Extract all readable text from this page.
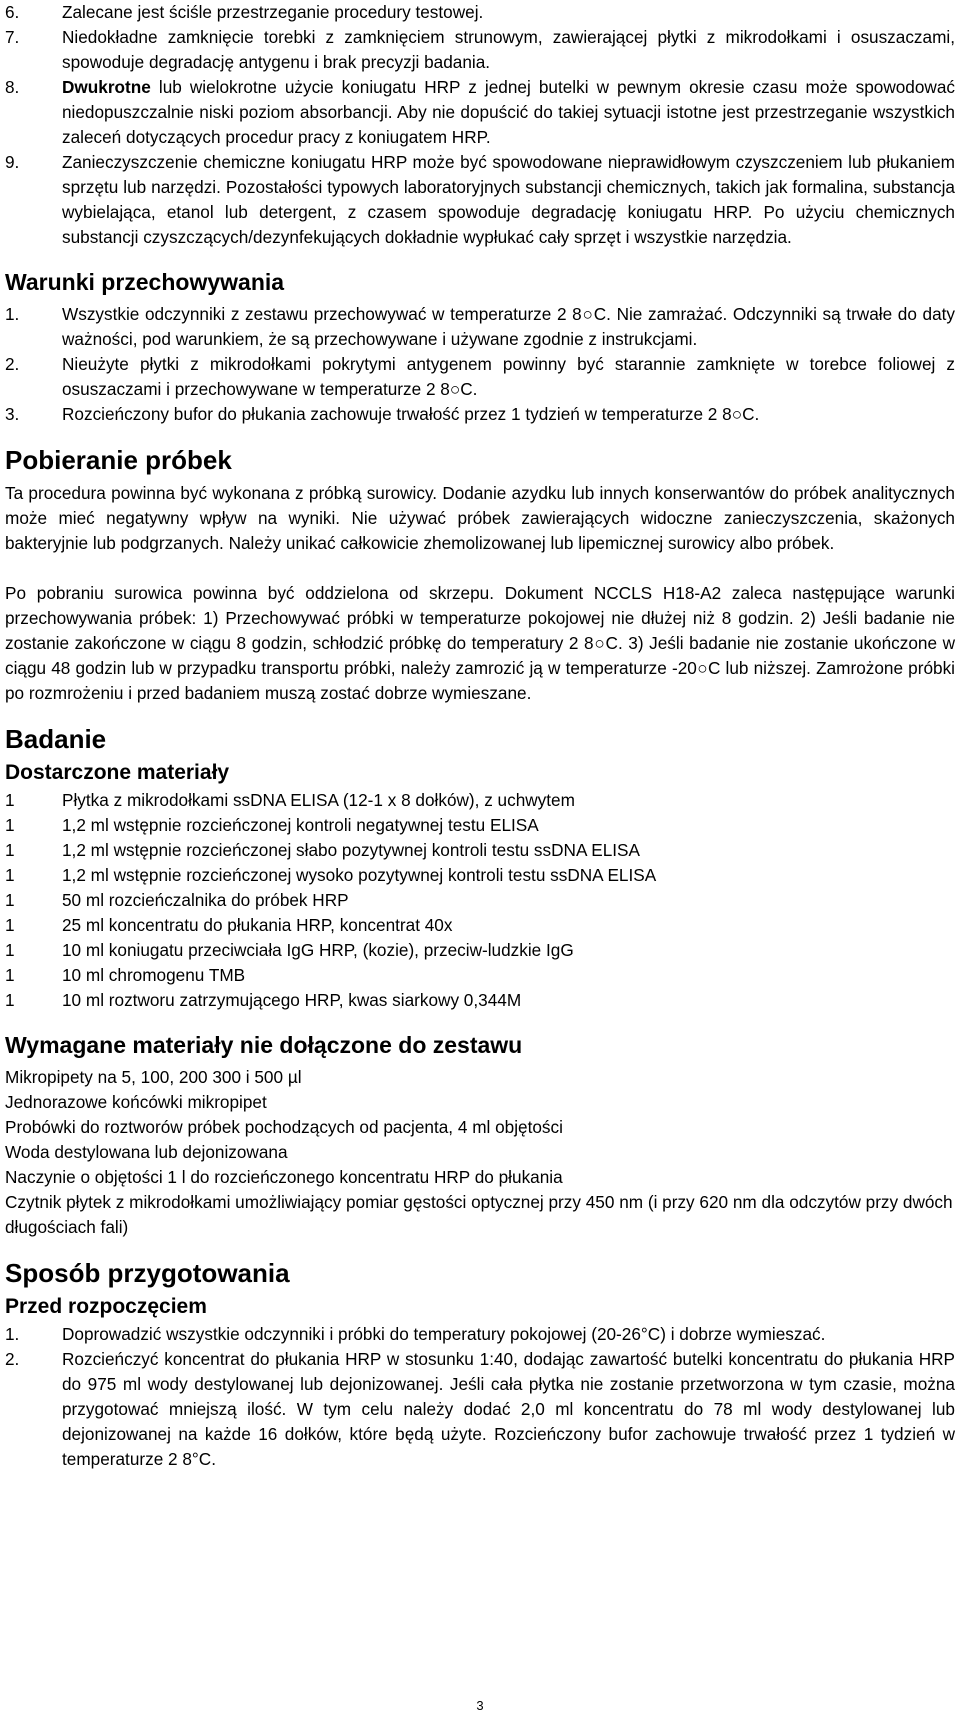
6. Zalecane jest ściśle przestrzeganie procedury testowej.
7. Niedokładne zamknięcie torebki z zamknięciem strunowym, zawierającej płytki z mikrodołkami i osuszaczami, spowoduje degradację antygenu i brak precyzji badania.
8. Dwukrotne lub wielokrotne użycie koniugatu HRP z jednej butelki w pewnym okresie czasu może spowodować niedopuszczalnie niski poziom absorbancji. Aby nie dopuścić do takiej sytuacji istotne jest przestrzeganie wszystkich zaleceń dotyczących procedur pracy z koniugatem HRP.
9. Zanieczyszczenie chemiczne koniugatu HRP może być spowodowane nieprawidłowym czyszczeniem lub płukaniem sprzętu lub narzędzi. Pozostałości typowych laboratoryjnych substancji chemicznych, takich jak formalina, substancja wybielająca, etanol lub detergent, z czasem spowoduje degradację koniugatu HRP. Po użyciu chemicznych substancji czyszczących/dezynfekujących dokładnie wypłukać cały sprzęt i wszystkie narzędzia.
Warunki przechowywania
1. Wszystkie odczynniki z zestawu przechowywać w temperaturze 2 8○C. Nie zamrażać. Odczynniki są trwałe do daty ważności, pod warunkiem, że są przechowywane i używane zgodnie z instrukcjami.
2. Nieużyte płytki z mikrodołkami pokrytymi antygenem powinny być starannie zamknięte w torebce foliowej z osuszaczami i przechowywane w temperaturze 2 8○C.
3. Rozcieńczony bufor do płukania zachowuje trwałość przez 1 tydzień w temperaturze 2 8○C.
Pobieranie próbek

Ta procedura powinna być wykonana z próbką surowicy. Dodanie azydku lub innych konserwantów do próbek analitycznych może mieć negatywny wpływ na wyniki. Nie używać próbek zawierających widoczne zanieczyszczenia, skażonych bakteryjnie lub podgrzanych. Należy unikać całkowicie zhemolizowanej lub lipemicznej surowicy albo próbek.

Po pobraniu surowica powinna być oddzielona od skrzepu. Dokument NCCLS H18-A2 zaleca następujące warunki przechowywania próbek: 1) Przechowywać próbki w temperaturze pokojowej nie dłużej niż 8 godzin. 2) Jeśli badanie nie zostanie zakończone w ciągu 8 godzin, schłodzić próbkę do temperatury 2 8○C. 3) Jeśli badanie nie zostanie ukończone w ciągu 48 godzin lub w przypadku transportu próbki, należy zamrozić ją w temperaturze -20○C lub niższej. Zamrożone próbki po rozmrożeniu i przed badaniem muszą zostać dobrze wymieszane.

Badanie
Dostarczone materiały
1	Płytka z mikrodołkami ssDNA ELISA (12-1 x 8 dołków), z uchwytem
1	1,2 ml wstępnie rozcieńczonej kontroli negatywnej testu ELISA
1	1,2 ml wstępnie rozcieńczonej słabo pozytywnej kontroli testu ssDNA ELISA
1	1,2 ml wstępnie rozcieńczonej wysoko pozytywnej kontroli testu ssDNA ELISA
1	50 ml rozcieńczalnika do próbek HRP
1	25 ml koncentratu do płukania HRP, koncentrat 40x
1	10 ml koniugatu przeciwciała IgG HRP, (kozie), przeciw-ludzkie IgG
1	10 ml chromogenu TMB
1	10 ml roztworu zatrzymującego HRP, kwas siarkowy 0,344M
Wymagane materiały nie dołączone do zestawu
Mikropipety na 5, 100, 200 300 i 500 µl
Jednorazowe końcówki mikropipet
Probówki do roztworów próbek pochodzących od pacjenta, 4 ml objętości
Woda destylowana lub dejonizowana
Naczynie o objętości 1 l do rozcieńczonego koncentratu HRP do płukania
Czytnik płytek z mikrodołkami umożliwiający pomiar gęstości optycznej przy 450 nm (i przy 620 nm dla odczytów przy dwóch długościach fali)
Sposób przygotowania
Przed rozpoczęciem
1. Doprowadzić wszystkie odczynniki i próbki do temperatury pokojowej (20-26°C) i dobrze wymieszać.
2. Rozcieńczyć koncentrat do płukania HRP w stosunku 1:40, dodając zawartość butelki koncentratu do płukania HRP do 975 ml wody destylowanej lub dejonizowanej. Jeśli cała płytka nie zostanie przetworzona w tym czasie, można przygotować mniejszą ilość. W tym celu należy dodać 2,0 ml koncentratu do 78 ml wody destylowanej lub dejonizowanej na każde 16 dołków, które będą użyte. Rozcieńczony bufor zachowuje trwałość przez 1 tydzień w temperaturze 2 8°C.
3
